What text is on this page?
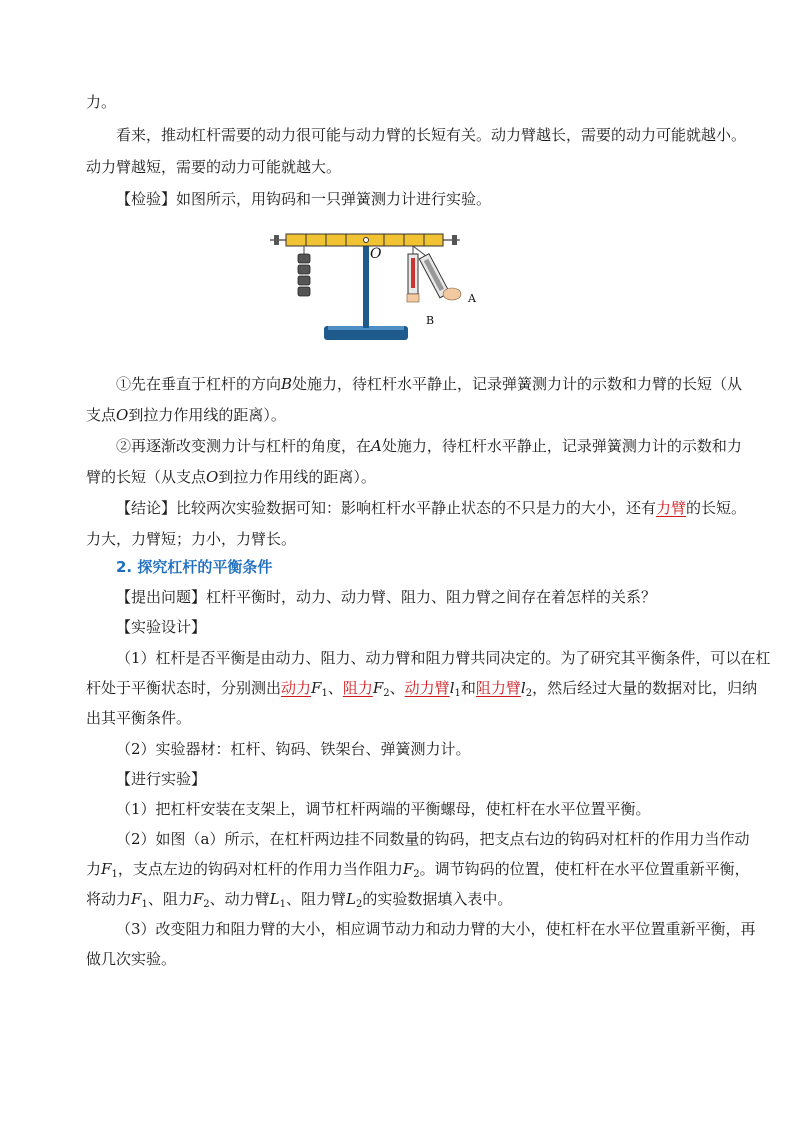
力。
看来，推动杠杆需要的动力很可能与动力臂的长短有关。动力臂越长，需要的动力可能就越小。
动力臂越短，需要的动力可能就越大。
【检验】如图所示，用钩码和一只弹簧测力计进行实验。
O
A
B
①先在垂直于杠杆的方向B处施力，待杠杆水平静止，记录弹簧测力计的示数和力臂的长短（从
支点O到拉力作用线的距离）。
②再逐渐改变测力计与杠杆的角度，在A处施力，待杠杆水平静止，记录弹簧测力计的示数和力
臂的长短（从支点O到拉力作用线的距离）。
【结论】比较两次实验数据可知：影响杠杆水平静止状态的不只是力的大小，还有力臂的长短。
力大，力臂短；力小，力臂长。
2. 探究杠杆的平衡条件
【提出问题】杠杆平衡时，动力、动力臂、阻力、阻力臂之间存在着怎样的关系？
【实验设计】
（1）杠杆是否平衡是由动力、阻力、动力臂和阻力臂共同决定的。为了研究其平衡条件，可以在杠
杆处于平衡状态时，分别测出动力$F_1$、阻力$F_2$、动力臂$l_1$和阻力臂$l_2$，然后经过大量的数据对比，归纳
出其平衡条件。
（2）实验器材：杠杆、钩码、铁架台、弹簧测力计。
【进行实验】
（1）把杠杆安装在支架上，调节杠杆两端的平衡螺母，使杠杆在水平位置平衡。
（2）如图（a）所示，在杠杆两边挂不同数量的钩码，把支点右边的钩码对杠杆的作用力当作动
力$F_1$，支点左边的钩码对杠杆的作用力当作阻力$F_2$。调节钩码的位置，使杠杆在水平位置重新平衡，
将动力$F_1$、阻力$F_2$、动力臂$L_1$、阻力臂$L_2$的实验数据填入表中。
（3）改变阻力和阻力臂的大小，相应调节动力和动力臂的大小，使杠杆在水平位置重新平衡，再
做几次实验。
